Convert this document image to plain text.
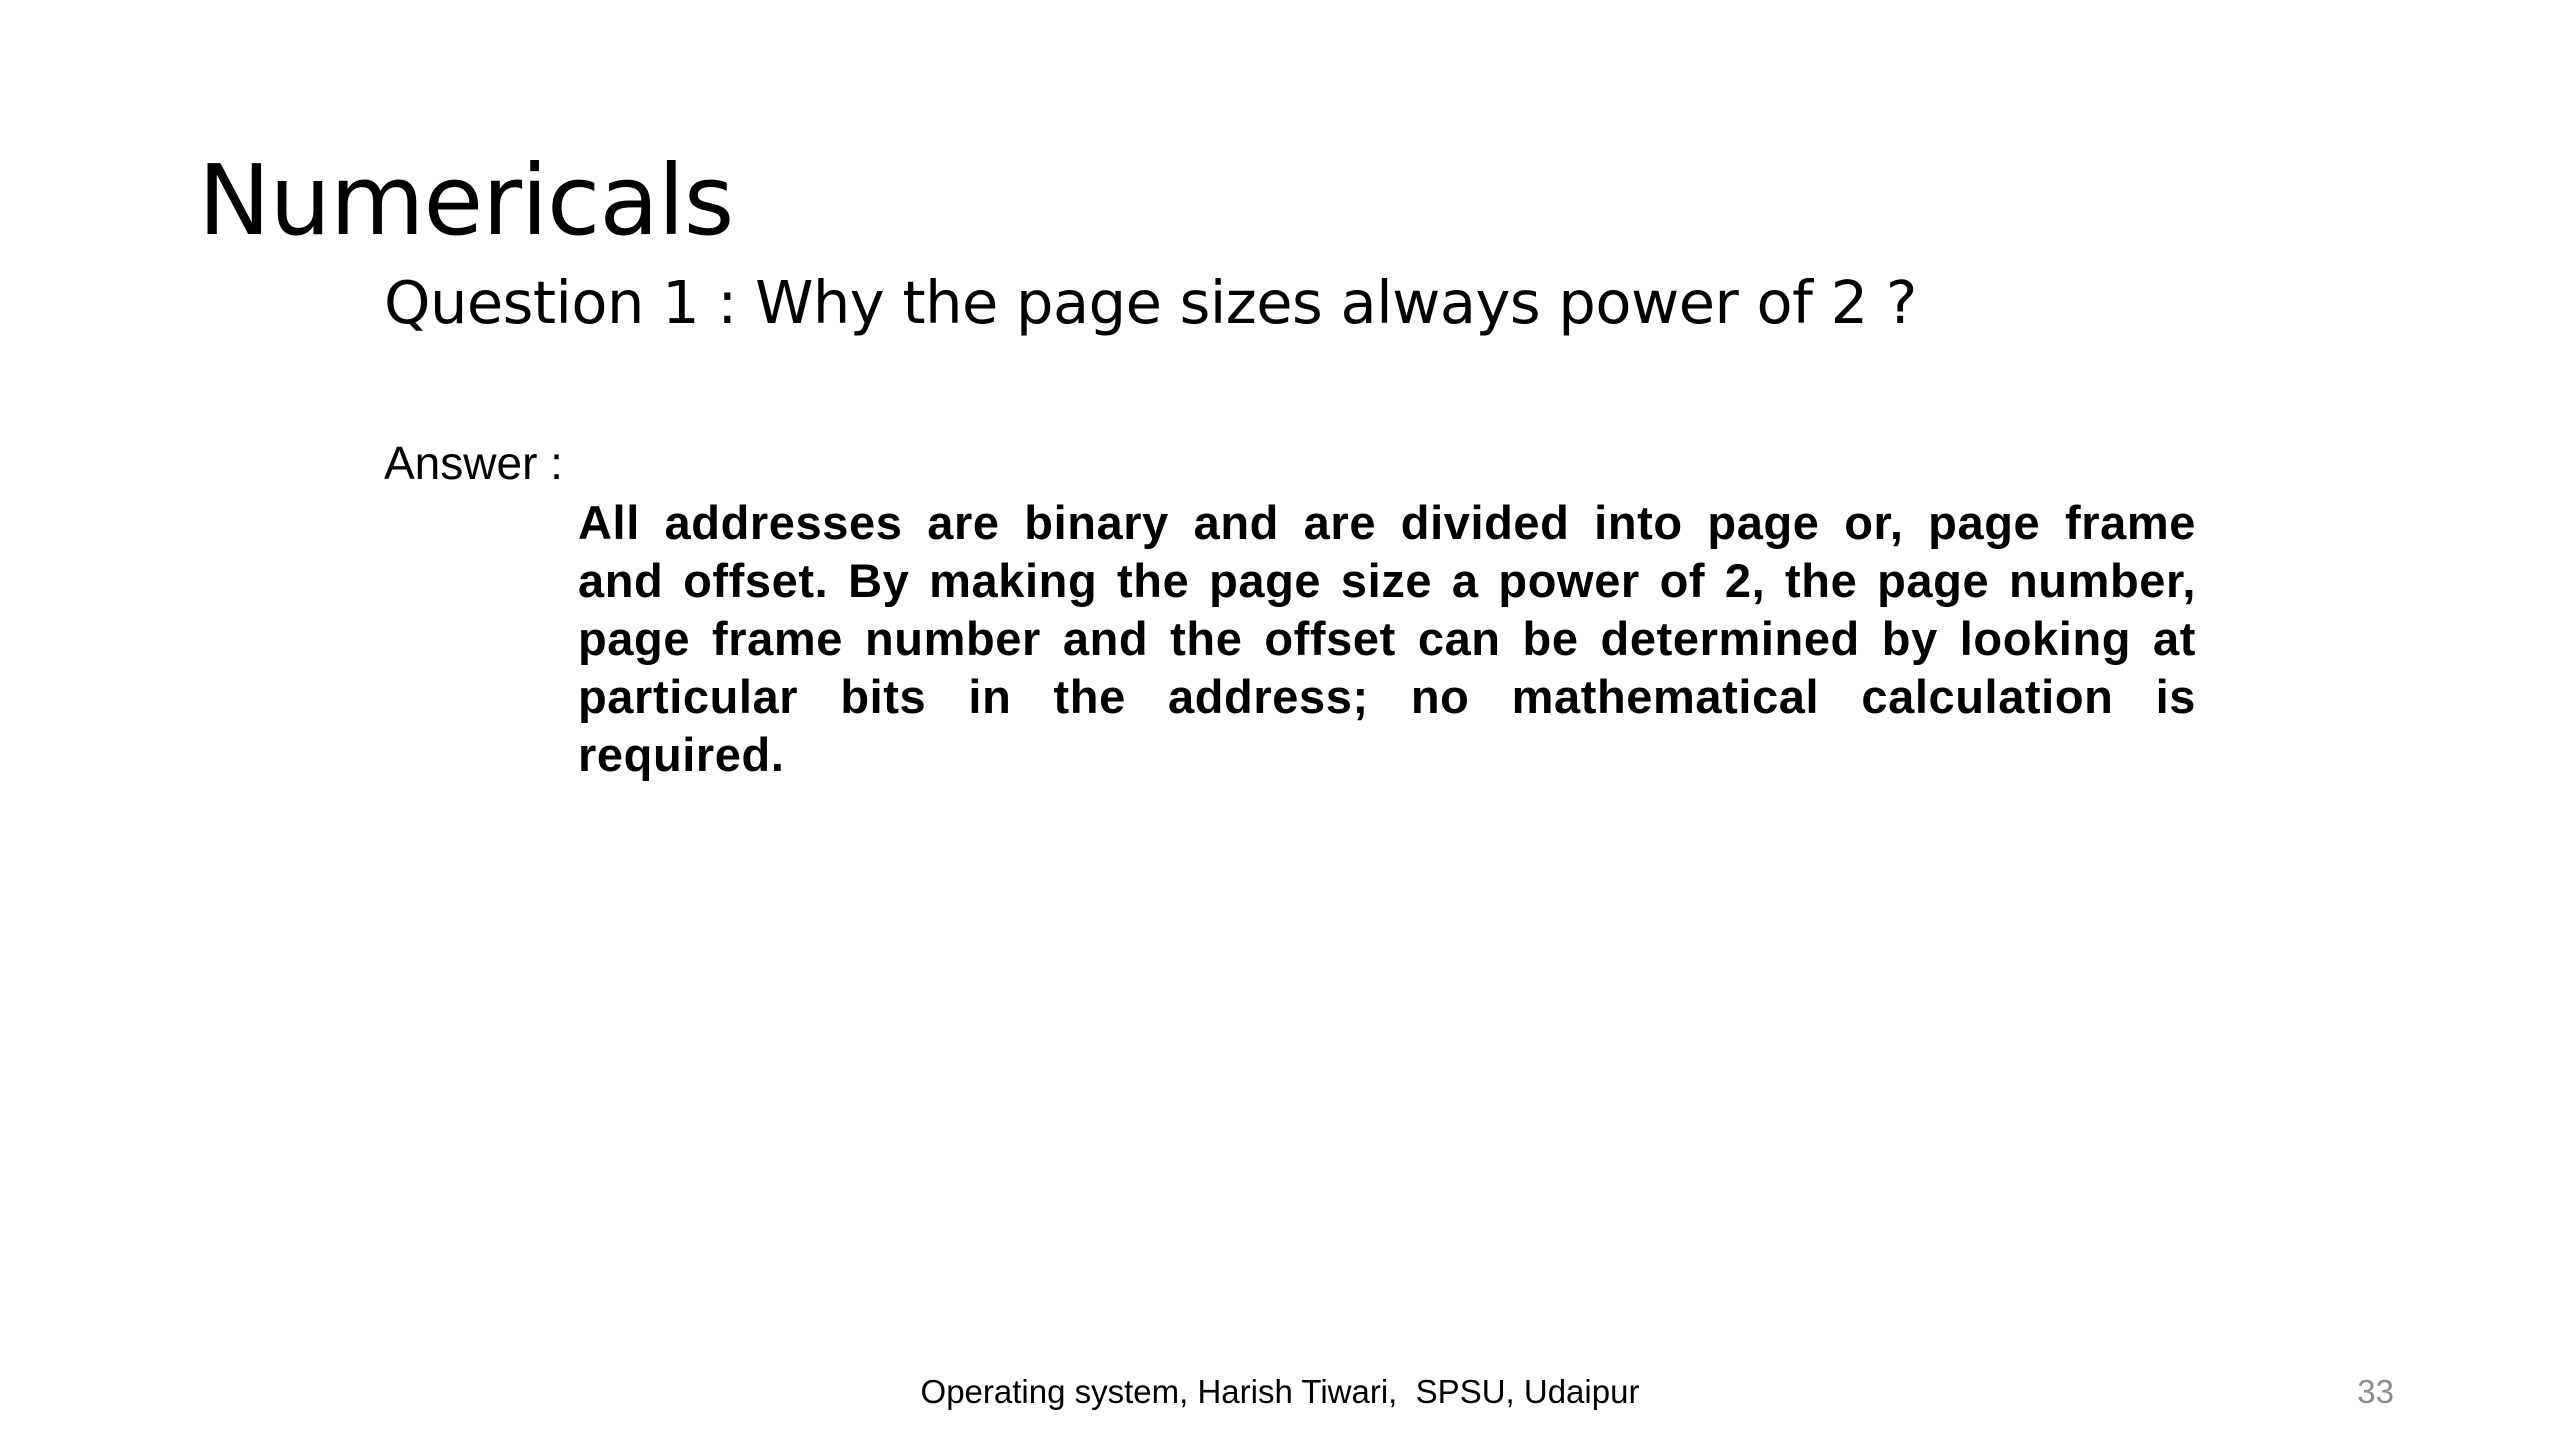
Numericals

Question 1 : Why the page sizes always power of 2 ?

Answer :

All addresses are binary and are divided into page or, page frame and offset. By making the page size a power of 2, the page number, page frame number and the offset can be determined by looking at particular bits in the address; no mathematical calculation is required.

Operating system, Harish Tiwari,  SPSU, Udaipur	33
